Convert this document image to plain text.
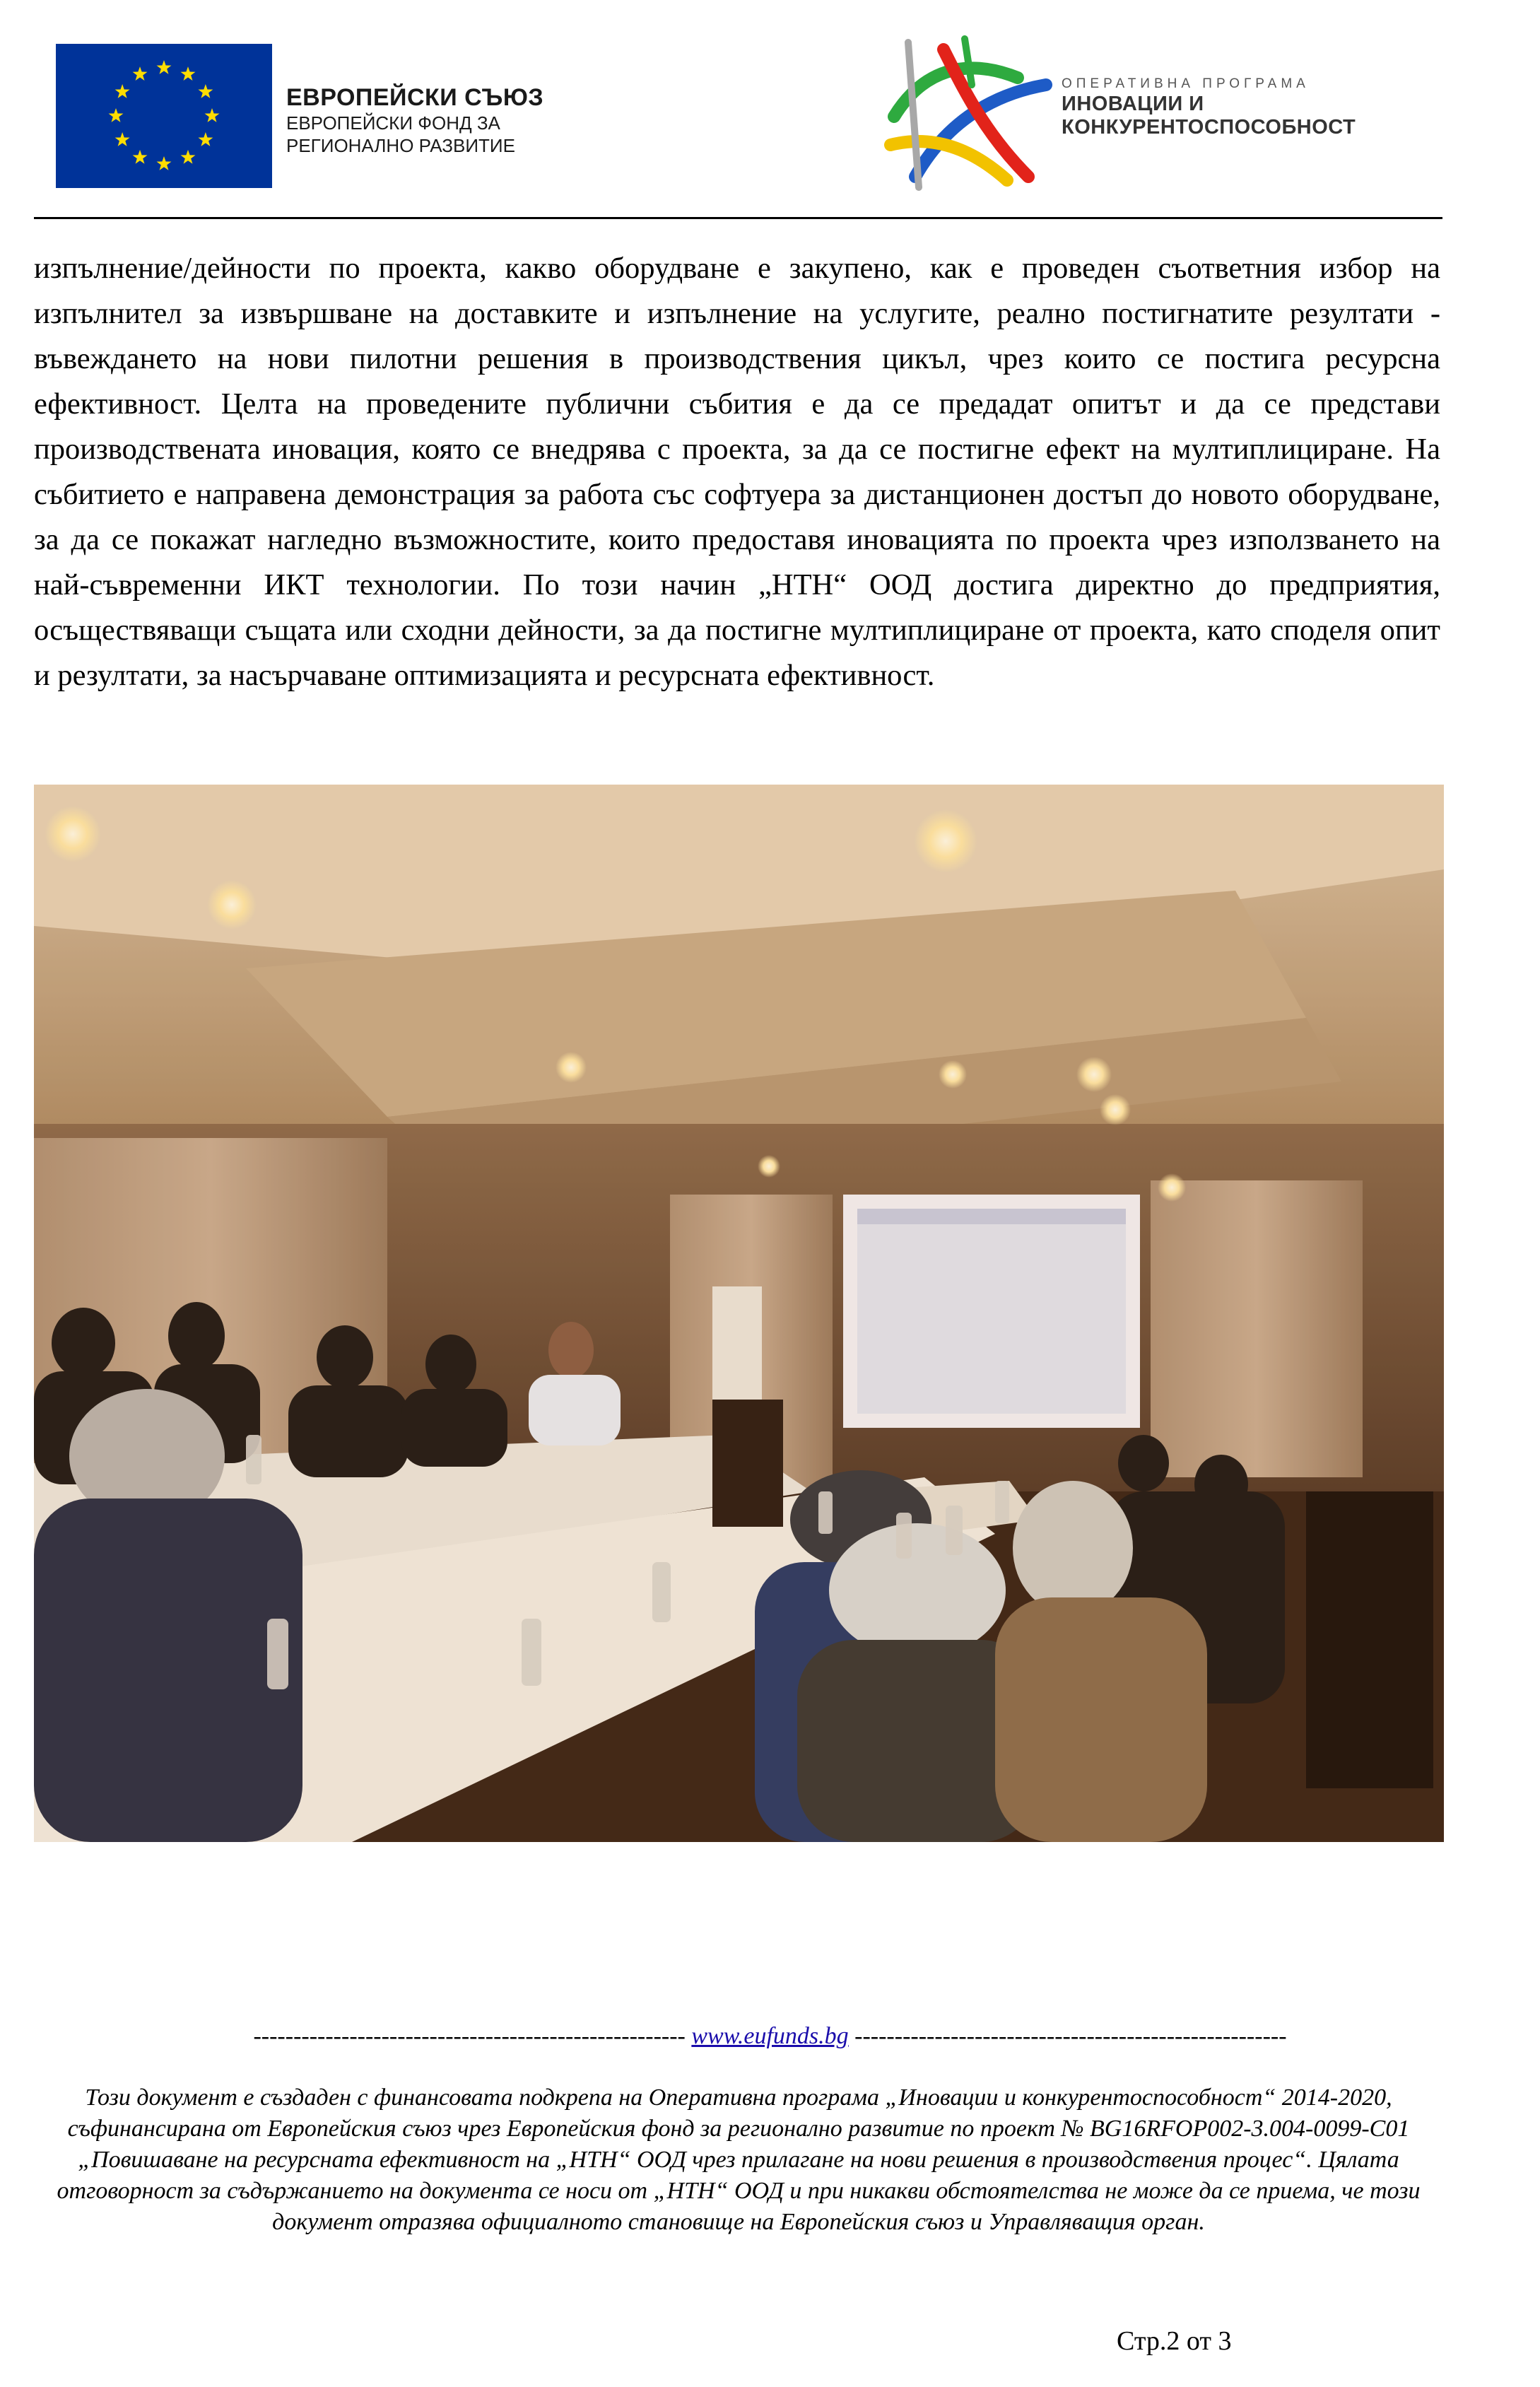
ЕВРОПЕЙСКИ СЪЮЗ
ЕВРОПЕЙСКИ ФОНД ЗА
РЕГИОНАЛНО РАЗВИТИЕ
ОПЕРАТИВНА ПРОГРАМА
ИНОВАЦИИ И
КОНКУРЕНТОСПОСОБНОСТ

изпълнение/дейности по проекта, какво оборудване е закупено, как е проведен съответния избор на изпълнител за извършване на доставките и изпълнение на услугите, реално постигнатите резултати - въвеждането на нови пилотни решения в производствения цикъл, чрез които се постига ресурсна ефективност. Целта на проведените публични събития е да се предадат опитът и да се представи производствената иновация, която се внедрява с проекта, за да се постигне ефект на мултиплициране. На събитието е направена демонстрация за работа със софтуера за дистанционен достъп до новото оборудване, за да се покажат нагледно възможностите, които предоставя иновацията по проекта чрез използването на най-съвременни ИКТ технологии. По този начин „НТН“ ООД достига директно до предприятия, осъществяващи същата или сходни дейности, за да постигне мултиплициране от проекта, като споделя опит и резултати, за насърчаване оптимизацията и ресурсната ефективност.

------------------------------------------------------ www.eufunds.bg ------------------------------------------------------

Този документ е създаден с финансовата подкрепа на Оперативна програма „Иновации и конкурентоспособност“ 2014-2020, съфинансирана от Европейския съюз чрез Европейския фонд за регионално развитие по проект № BG16RFOP002-3.004-0099-C01 „Повишаване на ресурсната ефективност на „НТН“ ООД чрез прилагане на нови решения в производствения процес“. Цялата отговорност за съдържанието на документа се носи от „НТН“ ООД и при никакви обстоятелства не може да се приема, че този документ отразява официалното становище на Европейския съюз и Управляващия орган.

Стр.2 от 3
